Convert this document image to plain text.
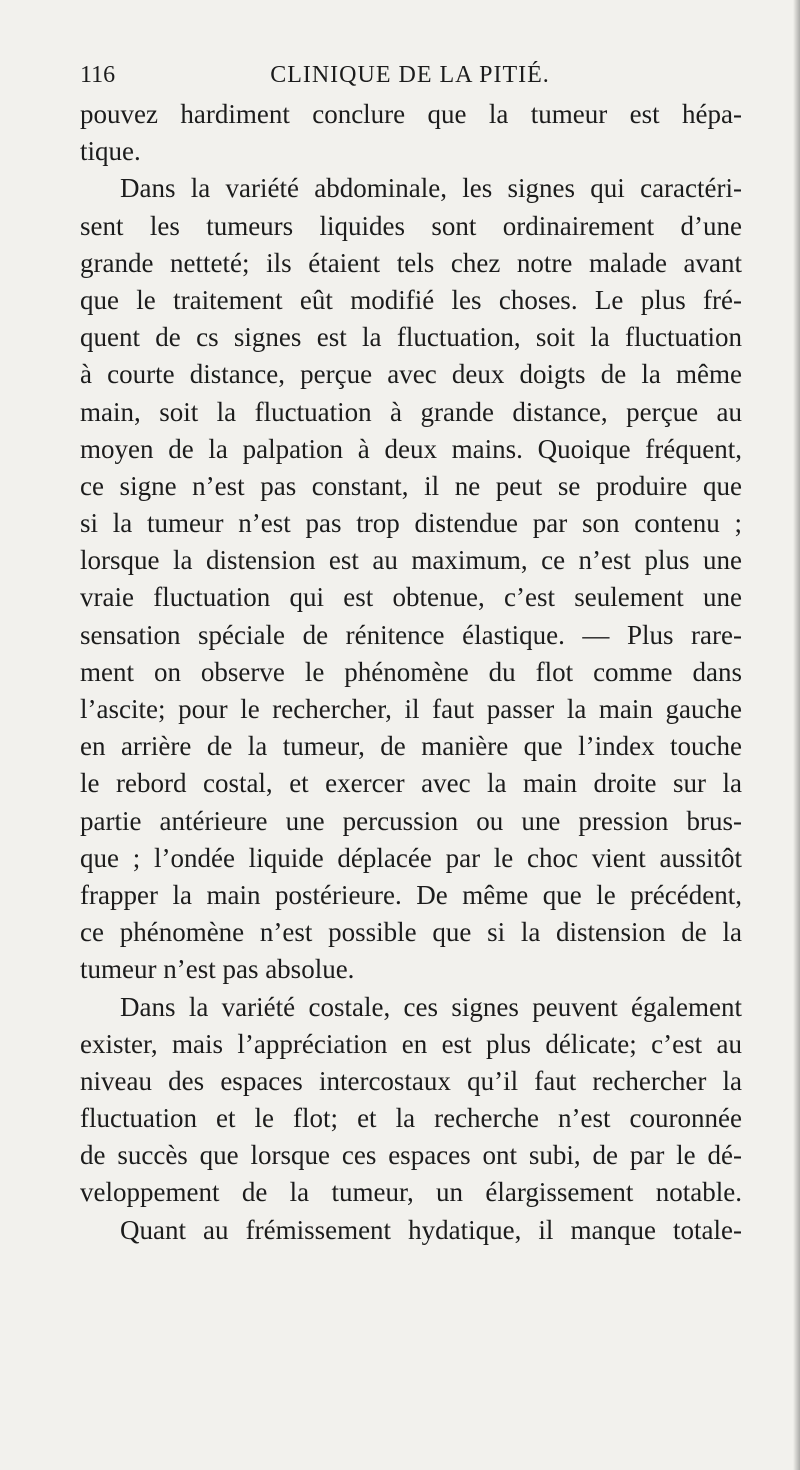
116	CLINIQUE DE LA PITIÉ.
pouvez hardiment conclure que la tumeur est hépa-
tique.
Dans la variété abdominale, les signes qui caractéri-
sent les tumeurs liquides sont ordinairement d’une
grande netteté; ils étaient tels chez notre malade avant
que le traitement eût modifié les choses. Le plus fré-
quent de cs signes est la fluctuation, soit la fluctuation
à courte distance, perçue avec deux doigts de la même
main, soit la fluctuation à grande distance, perçue au
moyen de la palpation à deux mains. Quoique fréquent,
ce signe n’est pas constant, il ne peut se produire que
si la tumeur n’est pas trop distendue par son contenu ;
lorsque la distension est au maximum, ce n’est plus une
vraie fluctuation qui est obtenue, c’est seulement une
sensation spéciale de rénitence élastique. — Plus rare-
ment on observe le phénomène du flot comme dans
l’ascite; pour le rechercher, il faut passer la main gauche
en arrière de la tumeur, de manière que l’index touche
le rebord costal, et exercer avec la main droite sur la
partie antérieure une percussion ou une pression brus-
que ; l’ondée liquide déplacée par le choc vient aussitôt
frapper la main postérieure. De même que le précédent,
ce phénomène n’est possible que si la distension de la
tumeur n’est pas absolue.
Dans la variété costale, ces signes peuvent également
exister, mais l’appréciation en est plus délicate; c’est au
niveau des espaces intercostaux qu’il faut rechercher la
fluctuation et le flot; et la recherche n’est couronnée
de succès que lorsque ces espaces ont subi, de par le dé-
veloppement de la tumeur, un élargissement notable.
Quant au frémissement hydatique, il manque totale-
